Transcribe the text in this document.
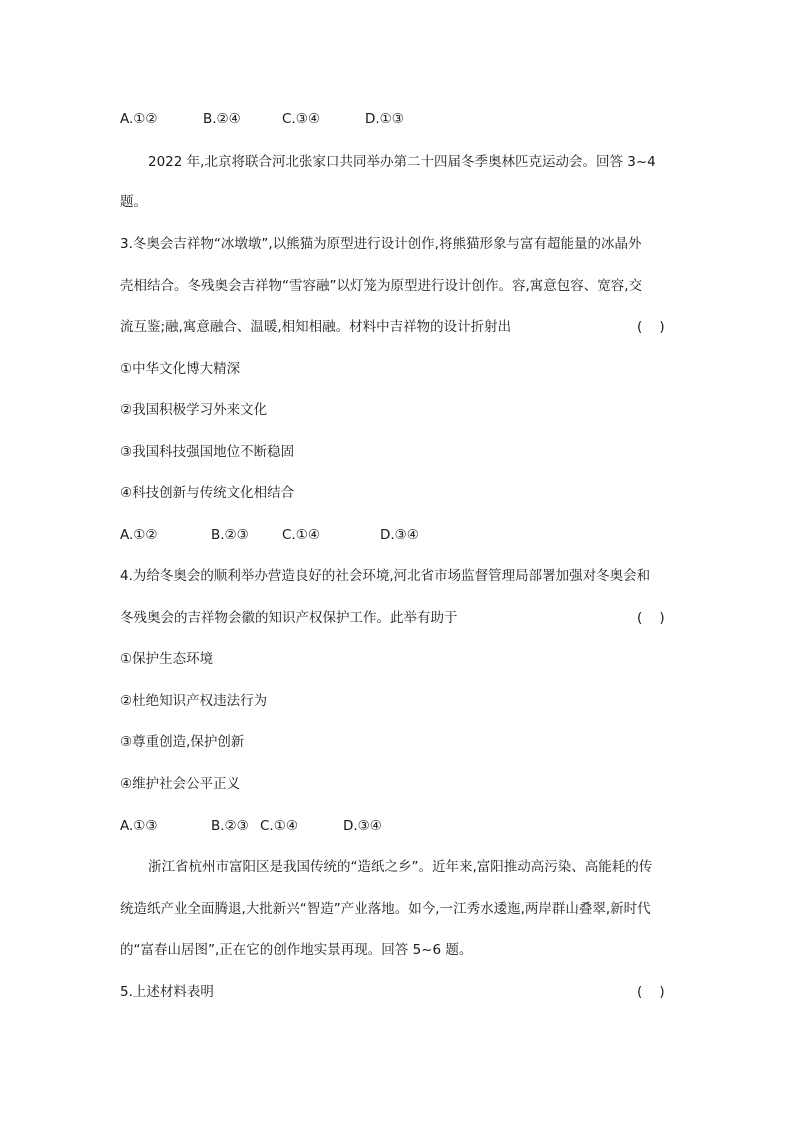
A.①②	B.②④	C.③④	D.①③
2022 年,北京将联合河北张家口共同举办第二十四届冬季奥林匹克运动会。回答 3~4
题。
3.冬奥会吉祥物“冰墩墩”,以熊猫为原型进行设计创作,将熊猫形象与富有超能量的冰晶外
壳相结合。冬残奥会吉祥物“雪容融”以灯笼为原型进行设计创作。容,寓意包容、宽容,交
流互鉴;融,寓意融合、温暖,相知相融。材料中吉祥物的设计折射出	(    )
①中华文化博大精深
②我国积极学习外来文化
③我国科技强国地位不断稳固
④科技创新与传统文化相结合
A.①②	B.②③ C.①④	D.③④
4.为给冬奥会的顺利举办营造良好的社会环境,河北省市场监督管理局部署加强对冬奥会和
冬残奥会的吉祥物会徽的知识产权保护工作。此举有助于	(    )
①保护生态环境
②杜绝知识产权违法行为
③尊重创造,保护创新
④维护社会公平正义
A.①③	B.②③ C.①④	D.③④
浙江省杭州市富阳区是我国传统的“造纸之乡”。近年来,富阳推动高污染、高能耗的传
统造纸产业全面腾退,大批新兴“智造”产业落地。如今,一江秀水逶迤,两岸群山叠翠,新时代
的“富春山居图”,正在它的创作地实景再现。回答 5~6 题。
5.上述材料表明	(    )
